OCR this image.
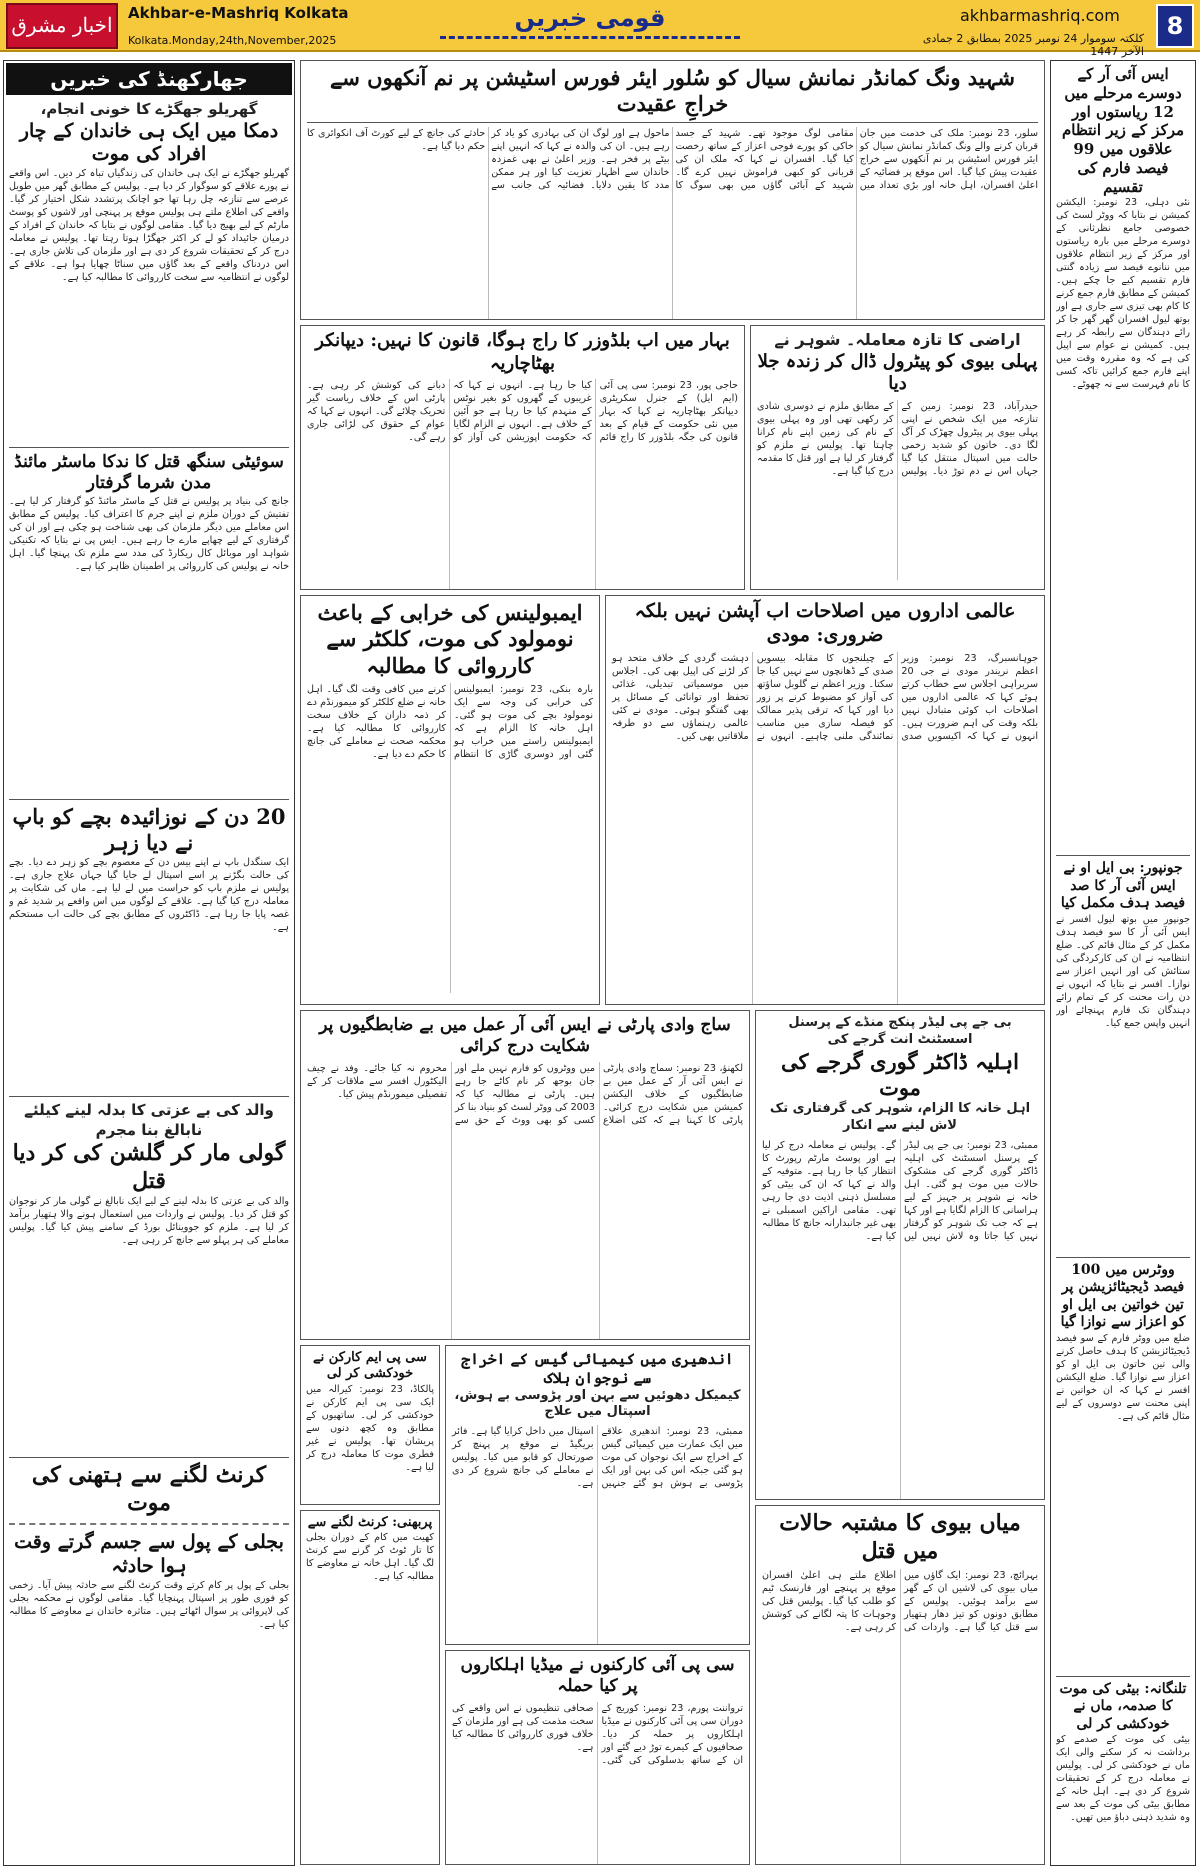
اخبار مشرق	Akhbar-e-Mashriq Kolkata
Kolkata.Monday,24th,November,2025
قومی خبریں	akhbarmashriq.com
کلکتہ سوموار 24 نومبر 2025 بمطابق 2 جمادی الآخر 1447
8
جھارکھنڈ کی خبریں
گھریلو جھگڑے کا خونی انجام،
دمکا میں ایک ہی خاندان کے چار افراد کی موت
گھریلو جھگڑے نے ایک ہی خاندان کی زندگیاں تباہ کر دیں۔ اس واقعے نے پورے علاقے کو سوگوار کر دیا ہے۔ پولیس کے مطابق گھر میں طویل عرصے سے تنازعہ چل رہا تھا جو اچانک پرتشدد شکل اختیار کر گیا۔ واقعے کی اطلاع ملتے ہی پولیس موقع پر پہنچی اور لاشوں کو پوسٹ مارٹم کے لیے بھیج دیا گیا۔ مقامی لوگوں نے بتایا کہ خاندان کے افراد کے درمیان جائیداد کو لے کر اکثر جھگڑا ہوتا رہتا تھا۔ پولیس نے معاملہ درج کر کے تحقیقات شروع کر دی ہے اور ملزمان کی تلاش جاری ہے۔ اس دردناک واقعے کے بعد گاؤں میں سناٹا چھایا ہوا ہے۔ علاقے کے لوگوں نے انتظامیہ سے سخت کارروائی کا مطالبہ کیا ہے۔
سوئیٹی سنگھ قتل کا ندکا ماسٹر مائنڈ مدن شرما گرفتار
جانچ کی بنیاد پر پولیس نے قتل کے ماسٹر مائنڈ کو گرفتار کر لیا ہے۔ تفتیش کے دوران ملزم نے اپنے جرم کا اعتراف کیا۔ پولیس کے مطابق اس معاملے میں دیگر ملزمان کی بھی شناخت ہو چکی ہے اور ان کی گرفتاری کے لیے چھاپے مارے جا رہے ہیں۔ ایس پی نے بتایا کہ تکنیکی شواہد اور موبائل کال ریکارڈ کی مدد سے ملزم تک پہنچا گیا۔ اہل خانہ نے پولیس کی کارروائی پر اطمینان ظاہر کیا ہے۔
20 دن کے نوزائیدہ بچے کو باپ نے دیا زہر
ایک سنگدل باپ نے اپنے بیس دن کے معصوم بچے کو زہر دے دیا۔ بچے کی حالت بگڑنے پر اسے اسپتال لے جایا گیا جہاں علاج جاری ہے۔ پولیس نے ملزم باپ کو حراست میں لے لیا ہے۔ ماں کی شکایت پر معاملہ درج کیا گیا ہے۔ علاقے کے لوگوں میں اس واقعے پر شدید غم و غصہ پایا جا رہا ہے۔ ڈاکٹروں کے مطابق بچے کی حالت اب مستحکم ہے۔
والد کی بے عزتی کا بدلہ لینے کیلئے نابالغ بنا مجرم
گولی مار کر گلشن کی کر دیا قتل
والد کی بے عزتی کا بدلہ لینے کے لیے ایک نابالغ نے گولی مار کر نوجوان کو قتل کر دیا۔ پولیس نے واردات میں استعمال ہونے والا ہتھیار برآمد کر لیا ہے۔ ملزم کو جووینائل بورڈ کے سامنے پیش کیا گیا۔ پولیس معاملے کی ہر پہلو سے جانچ کر رہی ہے۔
کرنٹ لگنے سے ہتھنی کی موت
بجلی کے پول سے جسم گرتے وقت ہوا حادثہ
بجلی کے پول پر کام کرتے وقت کرنٹ لگنے سے حادثہ پیش آیا۔ زخمی کو فوری طور پر اسپتال پہنچایا گیا۔ مقامی لوگوں نے محکمہ بجلی کی لاپروائی پر سوال اٹھائے ہیں۔ متاثرہ خاندان نے معاوضے کا مطالبہ کیا ہے۔
ایس آئی آر کے دوسرے مرحلے میں 12 ریاستوں اور مرکز کے زیر انتظام علاقوں میں 99 فیصد فارم کی تقسیم
نئی دہلی، 23 نومبر: الیکشن کمیشن نے بتایا کہ ووٹر لسٹ کی خصوصی جامع نظرثانی کے دوسرے مرحلے میں بارہ ریاستوں اور مرکز کے زیر انتظام علاقوں میں ننانوے فیصد سے زیادہ گنتی فارم تقسیم کیے جا چکے ہیں۔ کمیشن کے مطابق فارم جمع کرنے کا کام بھی تیزی سے جاری ہے اور بوتھ لیول افسران گھر گھر جا کر رائے دہندگان سے رابطہ کر رہے ہیں۔ کمیشن نے عوام سے اپیل کی ہے کہ وہ مقررہ وقت میں اپنے فارم جمع کرائیں تاکہ کسی کا نام فہرست سے نہ چھوٹے۔
جونپور: بی ایل او نے ایس آئی آر کا صد فیصد ہدف مکمل کیا
جونپور میں بوتھ لیول افسر نے ایس آئی آر کا سو فیصد ہدف مکمل کر کے مثال قائم کی۔ ضلع انتظامیہ نے ان کی کارکردگی کی ستائش کی اور انہیں اعزاز سے نوازا۔ افسر نے بتایا کہ انہوں نے دن رات محنت کر کے تمام رائے دہندگان تک فارم پہنچائے اور انہیں واپس جمع کیا۔
ووٹرس میں 100 فیصد ڈیجیٹائزیشن پر تین خواتین بی ایل او کو اعزاز سے نوازا گیا
ضلع میں ووٹر فارم کے سو فیصد ڈیجیٹائزیشن کا ہدف حاصل کرنے والی تین خاتون بی ایل او کو اعزاز سے نوازا گیا۔ ضلع الیکشن افسر نے کہا کہ ان خواتین نے اپنی محنت سے دوسروں کے لیے مثال قائم کی ہے۔
تلنگانہ: بیٹی کی موت کا صدمہ، ماں نے خودکشی کر لی
بیٹی کی موت کے صدمے کو برداشت نہ کر سکنے والی ایک ماں نے خودکشی کر لی۔ پولیس نے معاملہ درج کر کے تحقیقات شروع کر دی ہے۔ اہل خانہ کے مطابق بیٹی کی موت کے بعد سے وہ شدید ذہنی دباؤ میں تھیں۔
شہید ونگ کمانڈر نمانش سیال کو سُلور ایئر فورس اسٹیشن پر نم آنکھوں سے خراجِ عقیدت
سلور، 23 نومبر: ملک کی خدمت میں جان قربان کرنے والے ونگ کمانڈر نمانش سیال کو ایئر فورس اسٹیشن پر نم آنکھوں سے خراج عقیدت پیش کیا گیا۔ اس موقع پر فضائیہ کے اعلیٰ افسران، اہل خانہ اور بڑی تعداد میں مقامی لوگ موجود تھے۔ شہید کے جسد خاکی کو پورے فوجی اعزاز کے ساتھ رخصت کیا گیا۔ افسران نے کہا کہ ملک ان کی قربانی کو کبھی فراموش نہیں کرے گا۔ شہید کے آبائی گاؤں میں بھی سوگ کا ماحول ہے اور لوگ ان کی بہادری کو یاد کر رہے ہیں۔ ان کی والدہ نے کہا کہ انہیں اپنے بیٹے پر فخر ہے۔ وزیر اعلیٰ نے بھی غمزدہ خاندان سے اظہار تعزیت کیا اور ہر ممکن مدد کا یقین دلایا۔ فضائیہ کی جانب سے حادثے کی جانچ کے لیے کورٹ آف انکوائری کا حکم دیا گیا ہے۔
اراضی کا تازہ معاملہ۔ شوہر نے
پہلی بیوی کو پیٹرول ڈال کر زندہ جلا دیا
حیدرآباد، 23 نومبر: زمین کے تنازعہ میں ایک شخص نے اپنی پہلی بیوی پر پیٹرول چھڑک کر آگ لگا دی۔ خاتون کو شدید زخمی حالت میں اسپتال منتقل کیا گیا جہاں اس نے دم توڑ دیا۔ پولیس کے مطابق ملزم نے دوسری شادی کر رکھی تھی اور وہ پہلی بیوی کے نام کی زمین اپنے نام کرانا چاہتا تھا۔ پولیس نے ملزم کو گرفتار کر لیا ہے اور قتل کا مقدمہ درج کیا گیا ہے۔
بہار میں اب بلڈوزر کا راج ہوگا، قانون کا نہیں: دیپانکر بھٹاچاریہ
حاجی پور، 23 نومبر: سی پی آئی (ایم ایل) کے جنرل سکریٹری دیپانکر بھٹاچاریہ نے کہا کہ بہار میں نئی حکومت کے قیام کے بعد قانون کی جگہ بلڈوزر کا راج قائم کیا جا رہا ہے۔ انہوں نے کہا کہ غریبوں کے گھروں کو بغیر نوٹس کے منہدم کیا جا رہا ہے جو آئین کے خلاف ہے۔ انہوں نے الزام لگایا کہ حکومت اپوزیشن کی آواز کو دبانے کی کوشش کر رہی ہے۔ پارٹی اس کے خلاف ریاست گیر تحریک چلائے گی۔ انہوں نے کہا کہ عوام کے حقوق کی لڑائی جاری رہے گی۔
عالمی اداروں میں اصلاحات اب آپشن نہیں بلکہ ضروری: مودی
جوہانسبرگ، 23 نومبر: وزیر اعظم نریندر مودی نے جی 20 سربراہی اجلاس سے خطاب کرتے ہوئے کہا کہ عالمی اداروں میں اصلاحات اب کوئی متبادل نہیں بلکہ وقت کی اہم ضرورت ہیں۔ انہوں نے کہا کہ اکیسویں صدی کے چیلنجوں کا مقابلہ بیسویں صدی کے ڈھانچوں سے نہیں کیا جا سکتا۔ وزیر اعظم نے گلوبل ساؤتھ کی آواز کو مضبوط کرنے پر زور دیا اور کہا کہ ترقی پذیر ممالک کو فیصلہ سازی میں مناسب نمائندگی ملنی چاہیے۔ انہوں نے دہشت گردی کے خلاف متحد ہو کر لڑنے کی اپیل بھی کی۔ اجلاس میں موسمیاتی تبدیلی، غذائی تحفظ اور توانائی کے مسائل پر بھی گفتگو ہوئی۔ مودی نے کئی عالمی رہنماؤں سے دو طرفہ ملاقاتیں بھی کیں۔
ایمبولینس کی خرابی کے باعث نومولود کی موت، کلکٹر سے کارروائی کا مطالبہ
بارہ بنکی، 23 نومبر: ایمبولینس کی خرابی کی وجہ سے ایک نومولود بچے کی موت ہو گئی۔ اہل خانہ کا الزام ہے کہ ایمبولینس راستے میں خراب ہو گئی اور دوسری گاڑی کا انتظام کرنے میں کافی وقت لگ گیا۔ اہل خانہ نے ضلع کلکٹر کو میمورنڈم دے کر ذمہ داران کے خلاف سخت کارروائی کا مطالبہ کیا ہے۔ محکمہ صحت نے معاملے کی جانچ کا حکم دے دیا ہے۔
ساج وادی پارٹی نے ایس آئی آر عمل میں بے ضابطگیوں پر شکایت درج کرائی
لکھنؤ، 23 نومبر: سماج وادی پارٹی نے ایس آئی آر کے عمل میں بے ضابطگیوں کے خلاف الیکشن کمیشن میں شکایت درج کرائی۔ پارٹی کا کہنا ہے کہ کئی اضلاع میں ووٹروں کو فارم نہیں ملے اور جان بوجھ کر نام کاٹے جا رہے ہیں۔ پارٹی نے مطالبہ کیا کہ 2003 کی ووٹر لسٹ کو بنیاد بنا کر کسی کو بھی ووٹ کے حق سے محروم نہ کیا جائے۔ وفد نے چیف الیکٹورل افسر سے ملاقات کر کے تفصیلی میمورنڈم پیش کیا۔
بی جے پی لیڈر پنکج منڈے کے پرسنل اسسٹنٹ انت گرجے کی
اہلیہ ڈاکٹر گوری گرجے کی موت
اہل خانہ کا الزام، شوہر کی گرفتاری تک لاش لینے سے انکار
ممبئی، 23 نومبر: بی جے پی لیڈر کے پرسنل اسسٹنٹ کی اہلیہ ڈاکٹر گوری گرجے کی مشکوک حالات میں موت ہو گئی۔ اہل خانہ نے شوہر پر جہیز کے لیے ہراسانی کا الزام لگایا ہے اور کہا ہے کہ جب تک شوہر کو گرفتار نہیں کیا جاتا وہ لاش نہیں لیں گے۔ پولیس نے معاملہ درج کر لیا ہے اور پوسٹ مارٹم رپورٹ کا انتظار کیا جا رہا ہے۔ متوفیہ کے والد نے کہا کہ ان کی بیٹی کو مسلسل ذہنی اذیت دی جا رہی تھی۔ مقامی اراکین اسمبلی نے بھی غیر جانبدارانہ جانچ کا مطالبہ کیا ہے۔
اندھیری میں کیمیائی گیس کے اخراج سے نوجوان ہلاک
کیمیکل دھوئیں سے بہن اور پڑوسی بے ہوش، اسپتال میں علاج
ممبئی، 23 نومبر: اندھیری علاقے میں ایک عمارت میں کیمیائی گیس کے اخراج سے ایک نوجوان کی موت ہو گئی جبکہ اس کی بہن اور ایک پڑوسی بے ہوش ہو گئے جنہیں اسپتال میں داخل کرایا گیا ہے۔ فائر بریگیڈ نے موقع پر پہنچ کر صورتحال کو قابو میں کیا۔ پولیس نے معاملے کی جانچ شروع کر دی ہے۔
سی پی ایم کارکن نے خودکشی کر لی
پالکاڈ، 23 نومبر: کیرالہ میں ایک سی پی ایم کارکن نے خودکشی کر لی۔ ساتھیوں کے مطابق وہ کچھ دنوں سے پریشان تھا۔ پولیس نے غیر فطری موت کا معاملہ درج کر لیا ہے۔
پربھنی: کرنٹ لگنے سے
کھیت میں کام کے دوران بجلی کا تار ٹوٹ کر گرنے سے کرنٹ لگ گیا۔ اہل خانہ نے معاوضے کا مطالبہ کیا ہے۔
سی پی آئی کارکنوں نے میڈیا اہلکاروں پر کیا حملہ
ترواننت پورم، 23 نومبر: کوریج کے دوران سی پی آئی کارکنوں نے میڈیا اہلکاروں پر حملہ کر دیا۔ صحافیوں کے کیمرے توڑ دیے گئے اور ان کے ساتھ بدسلوکی کی گئی۔ صحافی تنظیموں نے اس واقعے کی سخت مذمت کی ہے اور ملزمان کے خلاف فوری کارروائی کا مطالبہ کیا ہے۔
میاں بیوی کا مشتبہ حالات میں قتل
بہرائچ، 23 نومبر: ایک گاؤں میں میاں بیوی کی لاشیں ان کے گھر سے برآمد ہوئیں۔ پولیس کے مطابق دونوں کو تیز دھار ہتھیار سے قتل کیا گیا ہے۔ واردات کی اطلاع ملتے ہی اعلیٰ افسران موقع پر پہنچے اور فارنسک ٹیم کو طلب کیا گیا۔ پولیس قتل کی وجوہات کا پتہ لگانے کی کوشش کر رہی ہے۔
